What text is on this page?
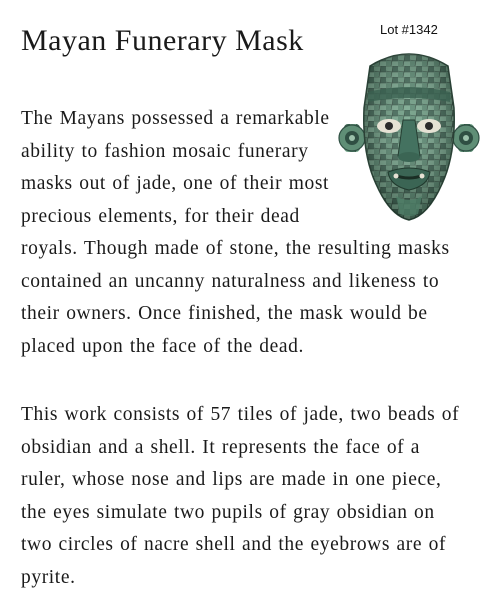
Mayan Funerary Mask	Lot #1342
The Mayans possessed a remarkable
ability to fashion mosaic funerary
masks out of jade, one of their most
precious elements, for their dead
royals. Though made of stone, the resulting masks
contained an uncanny naturalness and likeness to
their owners. Once finished, the mask would be
placed upon the face of the dead.
This work consists of 57 tiles of jade, two beads of
obsidian and a shell. It represents the face of a
ruler, whose nose and lips are made in one piece,
the eyes simulate two pupils of gray obsidian on
two circles of nacre shell and the eyebrows are of
pyrite.
